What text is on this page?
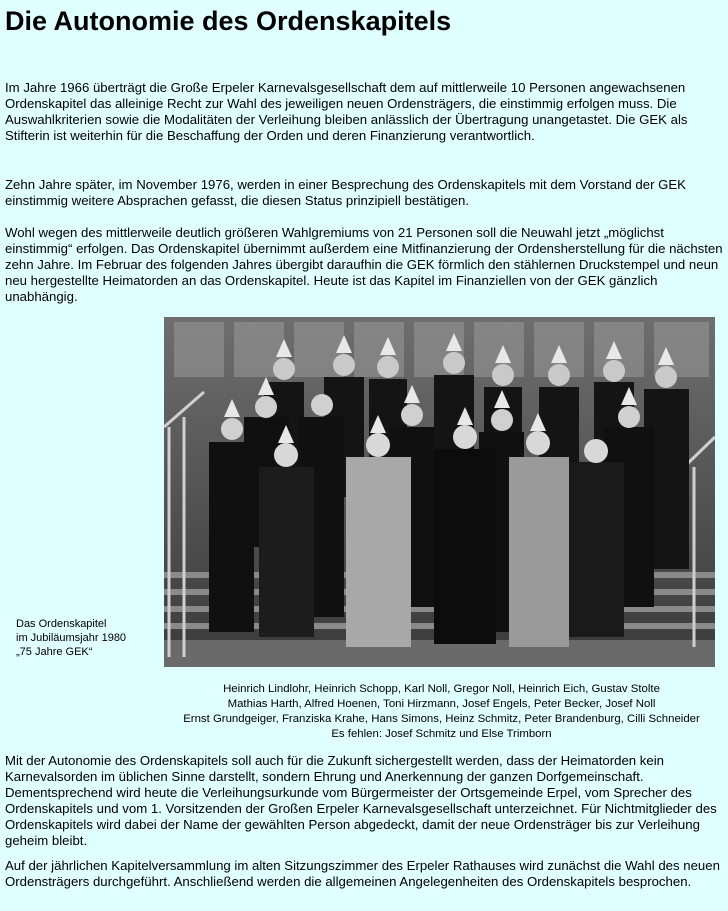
Die Autonomie des Ordenskapitels

Im Jahre 1966 überträgt die Große Erpeler Karnevalsgesellschaft dem auf mittlerweile 10 Personen angewachsenen Ordenskapitel das alleinige Recht zur Wahl des jeweiligen neuen Ordensträgers, die einstimmig erfolgen muss. Die Auswahlkriterien sowie die Modalitäten der Verleihung bleiben anlässlich der Übertragung unangetastet. Die GEK als Stifterin ist weiterhin für die Beschaffung der Orden und deren Finanzierung verantwortlich.

Zehn Jahre später, im November 1976, werden in einer Besprechung des Ordenskapitels mit dem Vorstand der GEK einstimmig weitere Absprachen gefasst, die diesen Status prinzipiell bestätigen.

Wohl wegen des mittlerweile deutlich größeren Wahlgremiums von 21 Personen soll die Neuwahl jetzt „möglichst einstimmig“ erfolgen. Das Ordenskapitel übernimmt außerdem eine Mitfinanzierung der Ordensherstellung für die nächsten zehn Jahre. Im Februar des folgenden Jahres übergibt daraufhin die GEK förmlich den stählernen Druckstempel und neun neu hergestellte Heimatorden an das Ordenskapitel. Heute ist das Kapitel im Finanziellen von der GEK gänzlich unabhängig.

Das Ordenskapitel
im Jubiläumsjahr 1980
„75 Jahre GEK“
Heinrich Lindlohr, Heinrich Schopp, Karl Noll, Gregor Noll, Heinrich Eich, Gustav Stolte
Mathias Harth, Alfred Hoenen, Toni Hirzmann, Josef Engels, Peter Becker, Josef Noll
Ernst Grundgeiger, Franziska Krahe, Hans Simons, Heinz Schmitz, Peter Brandenburg, Cilli Schneider
Es fehlen: Josef Schmitz und Else Trimborn

Mit der Autonomie des Ordenskapitels soll auch für die Zukunft sichergestellt werden, dass der Heimatorden kein Karnevalsorden im üblichen Sinne darstellt, sondern Ehrung und Anerkennung der ganzen Dorfgemeinschaft. Dementsprechend wird heute die Verleihungsurkunde vom Bürgermeister der Ortsgemeinde Erpel, vom Sprecher des Ordenskapitels und vom 1. Vorsitzenden der Großen Erpeler Karnevalsgesellschaft unterzeichnet. Für Nichtmitglieder des Ordenskapitels wird dabei der Name der gewählten Person abgedeckt, damit der neue Ordensträger bis zur Verleihung geheim bleibt.

Auf der jährlichen Kapitelversammlung im alten Sitzungszimmer des Erpeler Rathauses wird zunächst die Wahl des neuen Ordensträgers durchgeführt. Anschließend werden die allgemeinen Angelegenheiten des Ordenskapitels besprochen.
